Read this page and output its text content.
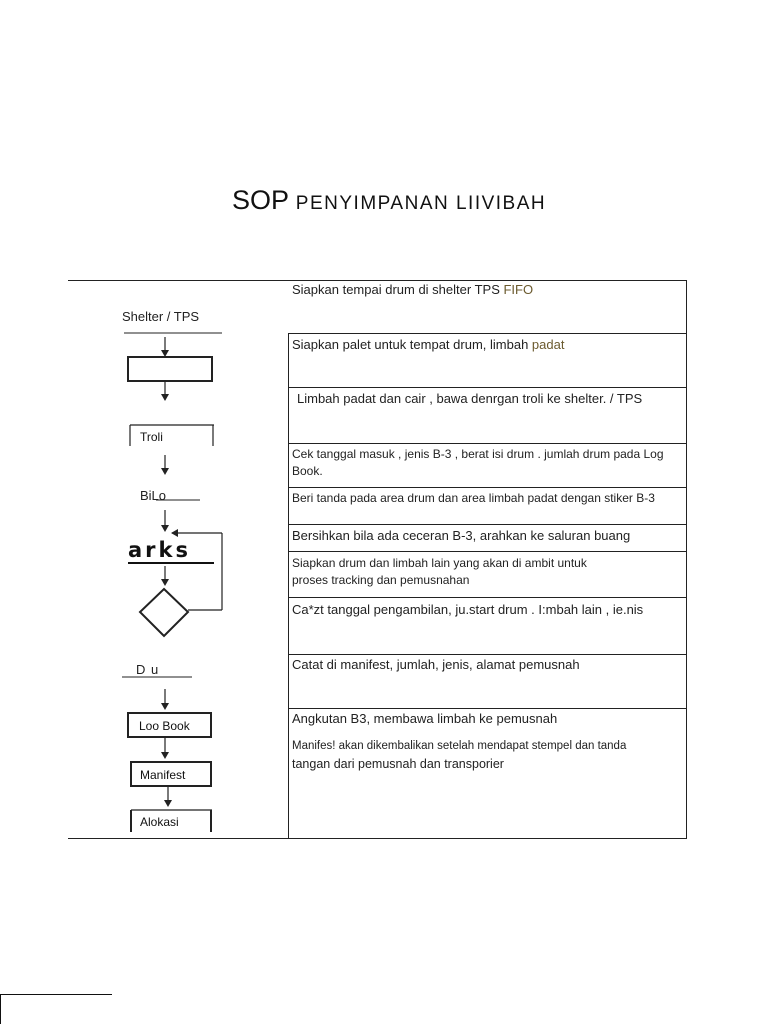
SOP PENYIMPANAN LIIVIBAH
Siapkan tempai drum di shelter TPS FIFO
Siapkan palet untuk tempat drum, limbah padat
Limbah padat dan cair , bawa denrgan troli ke shelter. / TPS
Cek tanggal masuk , jenis B-3 , berat isi drum . jumlah drum pada Log Book.
Beri tanda pada area drum dan area limbah padat dengan stiker B-3
Bersihkan bila ada ceceran B-3, arahkan ke saluran buang
Siapkan drum dan limbah lain yang akan di ambit untuk
proses tracking dan pemusnahan
Ca*zt tanggal pengambilan, ju.start drum . I:mbah lain , ie.nis
Catat di manifest, jumlah, jenis, alamat pemusnah
Angkutan B3, membawa limbah ke pemusnah
Manifes! akan dikembalikan setelah mendapat stempel dan tanda
tangan dari pemusnah dan transporier
Shelter / TPS
Troli
BiLo
arks
D u
Loo Book
Manifest
Alokasi
